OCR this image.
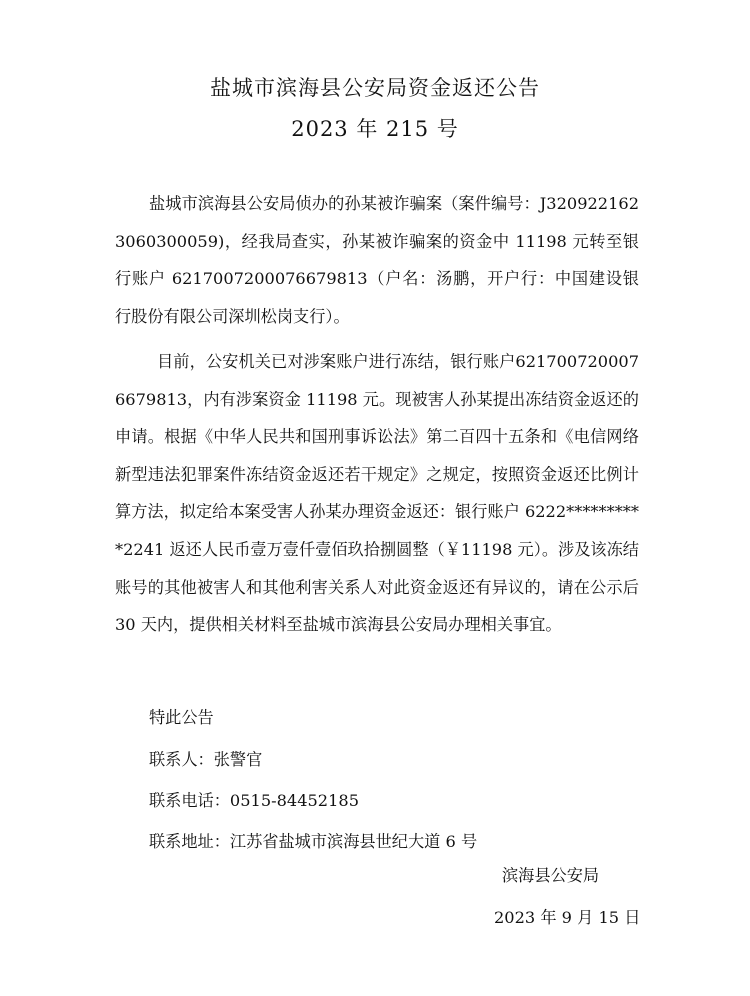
盐城市滨海县公安局资金返还公告
2023 年 215 号

盐城市滨海县公安局侦办的孙某被诈骗案（案件编号：J3209221623060300059)，经我局查实，孙某被诈骗案的资金中 11198 元转至银行账户 6217007200076679813（户名：汤鹏，开户行：中国建设银行股份有限公司深圳松岗支行）。

目前，公安机关已对涉案账户进行冻结，银行账户6217007200076679813，内有涉案资金 11198 元。现被害人孙某提出冻结资金返还的申请。根据《中华人民共和国刑事诉讼法》第二百四十五条和《电信网络新型违法犯罪案件冻结资金返还若干规定》之规定，按照资金返还比例计算方法，拟定给本案受害人孙某办理资金返还：银行账户 6222**********2241 返还人民币壹万壹仟壹佰玖拾捌圆整（￥11198 元）。涉及该冻结账号的其他被害人和其他利害关系人对此资金返还有异议的，请在公示后 30 天内，提供相关材料至盐城市滨海县公安局办理相关事宜。

特此公告
联系人：张警官
联系电话：0515-84452185
联系地址：江苏省盐城市滨海县世纪大道 6 号
滨海县公安局
2023 年 9 月 15 日
